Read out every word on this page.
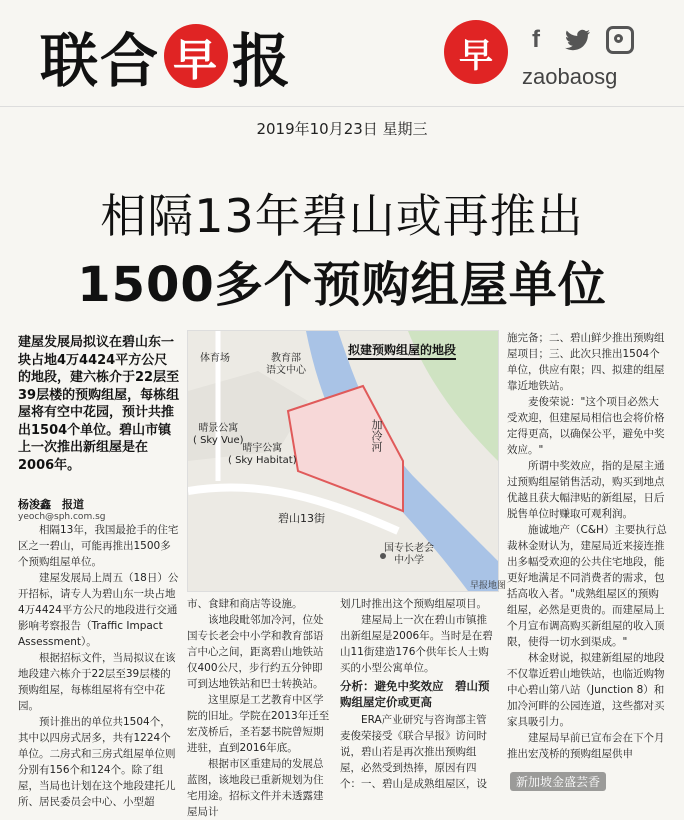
联合 早 报	早	f
zaobaosg
2019年10月23日 星期三
相隔13年碧山或再推出
1500多个预购组屋单位
建屋发展局拟议在碧山东一块占地4万4424平方公尺的地段，建六栋介于22层至39层楼的预购组屋，每栋组屋将有空中花园，预计共推出1504个单位。碧山市镇上一次推出新组屋是在2006年。
杨浚鑫　报道
yeoch@sph.com.sg

相隔13年，我国最抢手的住宅区之一碧山，可能再推出1500多个预购组屋单位。

建屋发展局上周五（18日）公开招标，请专人为碧山东一块占地4万4424平方公尺的地段进行交通影响考察报告（Traffic Impact Assessment）。

根据招标文件，当局拟议在该地段建六栋介于22层至39层楼的预购组屋，每栋组屋将有空中花园。

预计推出的单位共1504个，其中以四房式居多，共有1224个单位。二房式和三房式组屋单位则分别有156个和124个。除了组屋，当局也计划在这个地段建托儿所、居民委员会中心、小型超

拟建预购组屋的地段
体育场	教育部
语文中心
晴景公寓
( Sky Vue)
晴宇公寓
( Sky Habitat)
加冷河
碧山13街
国专长老会
中小学
早报地图

市、食肆和商店等设施。

该地段毗邻加冷河，位处国专长老会中小学和教育部语言中心之间，距离碧山地铁站仅400公尺，步行约五分钟即可到达地铁站和巴士转换站。

这里原是工艺教育中区学院的旧址。学院在2013年迁至宏茂桥后，圣若瑟书院曾短期进驻，直到2016年底。

根据市区重建局的发展总蓝图，该地段已重新规划为住宅用途。招标文件并未透露建屋局计

划几时推出这个预购组屋项目。

建屋局上一次在碧山市镇推出新组屋是2006年。当时是在碧山11街建造176个供年长人士购买的小型公寓单位。

分析：避免中奖效应　碧山预购组屋定价或更高

ERA产业研究与咨询部主管麦俊荣接受《联合早报》访问时说，碧山若是再次推出预购组屋，必然受到热捧，原因有四个：一、碧山是成熟组屋区，设

施完备；二、碧山鲜少推出预购组屋项目；三、此次只推出1504个单位，供应有限；四、拟建的组屋靠近地铁站。

麦俊荣说："这个项目必然大受欢迎，但建屋局相信也会将价格定得更高，以确保公平，避免中奖效应。"

所谓中奖效应，指的是屋主通过预购组屋销售活动，购买到地点优越且获大幅津贴的新组屋，日后脱售单位时赚取可观利润。

施诚地产（C&H）主要执行总裁林金财认为，建屋局近来接连推出多幅受欢迎的公共住宅地段，能更好地满足不同消费者的需求，包括高收入者。"成熟组屋区的预购组屋，必然是更贵的。而建屋局上个月宣布调高购买新组屋的收入顶限，使得一切水到渠成。"

林金财说，拟建新组屋的地段不仅靠近碧山地铁站，也临近购物中心碧山第八站（Junction 8）和加冷河畔的公园连道，这些都对买家具吸引力。

建屋局早前已宣布会在下个月推出宏茂桥的预购组屋供申

新加坡金盛芸香
